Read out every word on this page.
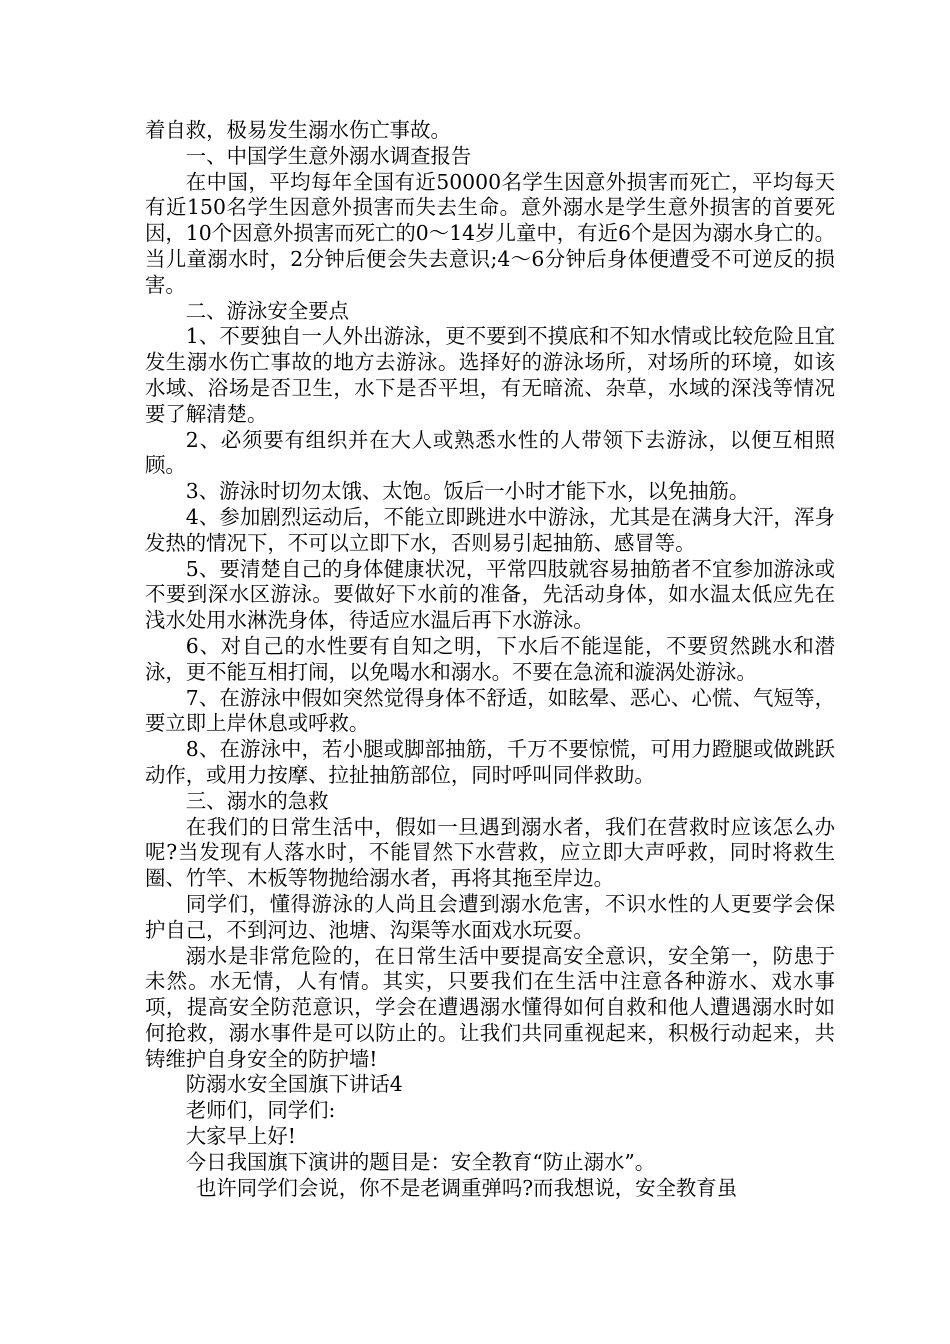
着自救，极易发生溺水伤亡事故。

一、中国学生意外溺水调查报告

在中国，平均每年全国有近50000名学生因意外损害而死亡，平均每天有近150名学生因意外损害而失去生命。意外溺水是学生意外损害的首要死因，10个因意外损害而死亡的0～14岁儿童中，有近6个是因为溺水身亡的。当儿童溺水时，2分钟后便会失去意识;4～6分钟后身体便遭受不可逆反的损害。

二、游泳安全要点

1、不要独自一人外出游泳，更不要到不摸底和不知水情或比较危险且宜发生溺水伤亡事故的地方去游泳。选择好的游泳场所，对场所的环境，如该水域、浴场是否卫生，水下是否平坦，有无暗流、杂草，水域的深浅等情况要了解清楚。

2、必须要有组织并在大人或熟悉水性的人带领下去游泳，以便互相照顾。

3、游泳时切勿太饿、太饱。饭后一小时才能下水，以免抽筋。

4、参加剧烈运动后，不能立即跳进水中游泳，尤其是在满身大汗，浑身发热的情况下，不可以立即下水，否则易引起抽筋、感冒等。

5、要清楚自己的身体健康状况，平常四肢就容易抽筋者不宜参加游泳或不要到深水区游泳。要做好下水前的准备，先活动身体，如水温太低应先在浅水处用水淋洗身体，待适应水温后再下水游泳。

6、对自己的水性要有自知之明，下水后不能逞能，不要贸然跳水和潜泳，更不能互相打闹，以免喝水和溺水。不要在急流和漩涡处游泳。

7、在游泳中假如突然觉得身体不舒适，如眩晕、恶心、心慌、气短等，要立即上岸休息或呼救。

8、在游泳中，若小腿或脚部抽筋，千万不要惊慌，可用力蹬腿或做跳跃动作，或用力按摩、拉扯抽筋部位，同时呼叫同伴救助。

三、溺水的急救

在我们的日常生活中，假如一旦遇到溺水者，我们在营救时应该怎么办呢?当发现有人落水时，不能冒然下水营救，应立即大声呼救，同时将救生圈、竹竿、木板等物抛给溺水者，再将其拖至岸边。

同学们，懂得游泳的人尚且会遭到溺水危害，不识水性的人更要学会保护自己，不到河边、池塘、沟渠等水面戏水玩耍。

溺水是非常危险的，在日常生活中要提高安全意识，安全第一，防患于未然。水无情，人有情。其实，只要我们在生活中注意各种游水、戏水事项，提高安全防范意识，学会在遭遇溺水懂得如何自救和他人遭遇溺水时如何抢救，溺水事件是可以防止的。让我们共同重视起来，积极行动起来，共铸维护自身安全的防护墙!

防溺水安全国旗下讲话4

老师们，同学们:

大家早上好!

今日我国旗下演讲的题目是：安全教育“防止溺水”。

也许同学们会说，你不是老调重弹吗?而我想说，安全教育虽
